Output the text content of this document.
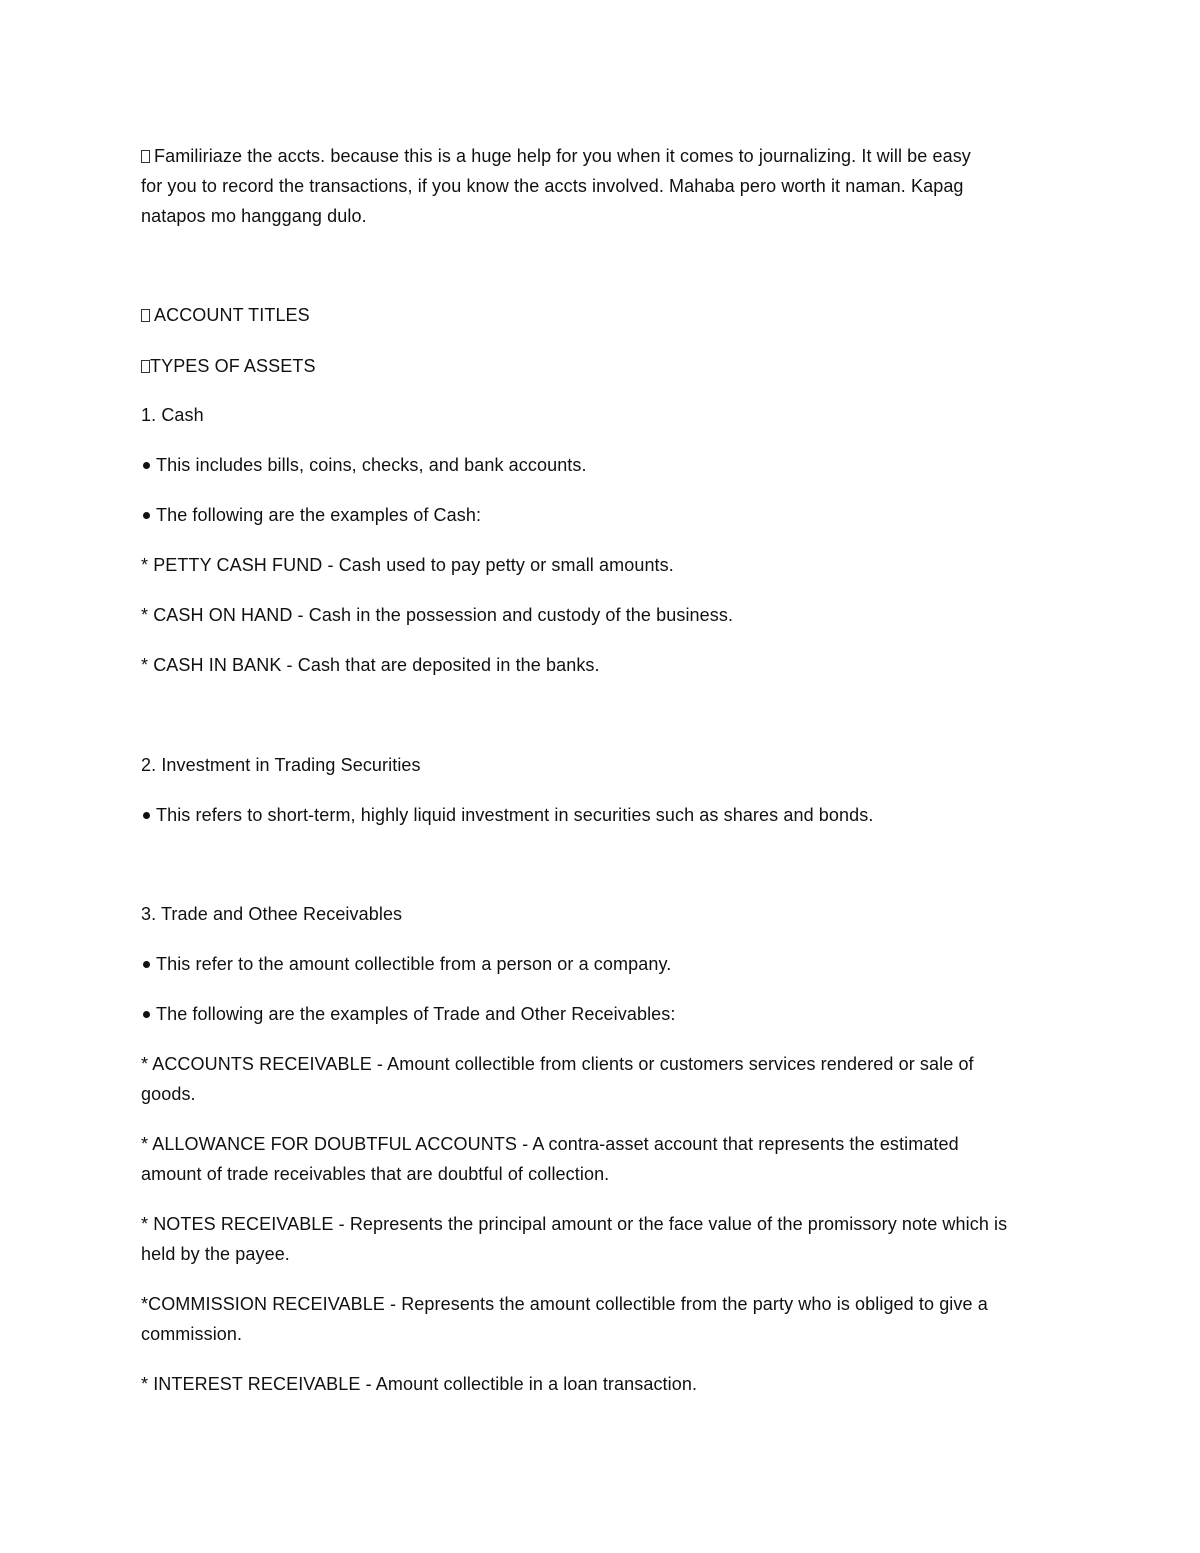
Familiriaze the accts. because this is a huge help for you when it comes to journalizing. It will be easy
for you to record the transactions, if you know the accts involved. Mahaba pero worth it naman. Kapag
natapos mo hanggang dulo.
ACCOUNT TITLES
TYPES OF ASSETS
1. Cash
This includes bills, coins, checks, and bank accounts.
The following are the examples of Cash:
* PETTY CASH FUND - Cash used to pay petty or small amounts.
* CASH ON HAND - Cash in the possession and custody of the business.
* CASH IN BANK - Cash that are deposited in the banks.
2. Investment in Trading Securities
This refers to short-term, highly liquid investment in securities such as shares and bonds.
3. Trade and Othee Receivables
This refer to the amount collectible from a person or a company.
The following are the examples of Trade and Other Receivables:
* ACCOUNTS RECEIVABLE - Amount collectible from clients or customers services rendered or sale of
goods.
* ALLOWANCE FOR DOUBTFUL ACCOUNTS - A contra-asset account that represents the estimated
amount of trade receivables that are doubtful of collection.
* NOTES RECEIVABLE - Represents the principal amount or the face value of the promissory note which is
held by the payee.
*COMMISSION RECEIVABLE - Represents the amount collectible from the party who is obliged to give a
commission.
* INTEREST RECEIVABLE - Amount collectible in a loan transaction.
